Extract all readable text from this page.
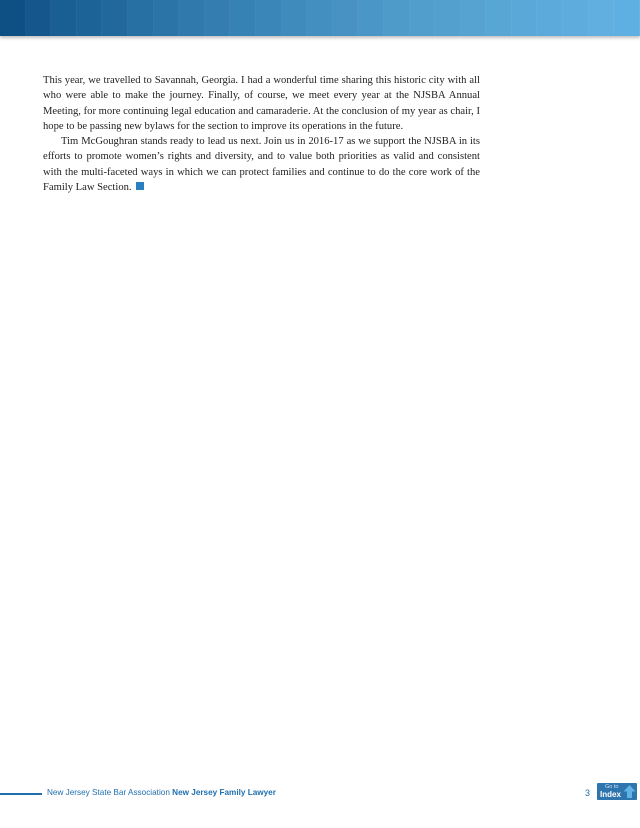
This year, we travelled to Savannah, Georgia. I had a wonderful time sharing this historic city with all who were able to make the journey. Finally, of course, we meet every year at the NJSBA Annual Meeting, for more continuing legal education and camaraderie. At the conclusion of my year as chair, I hope to be passing new bylaws for the section to improve its operations in the future.

Tim McGoughran stands ready to lead us next. Join us in 2016-17 as we support the NJSBA in its efforts to promote women’s rights and diversity, and to value both priorities as valid and consistent with the multi-faceted ways in which we can protect families and continue to do the core work of the Family Law Section.

New Jersey State Bar Association New Jersey Family Lawyer	3
Go to
Index
